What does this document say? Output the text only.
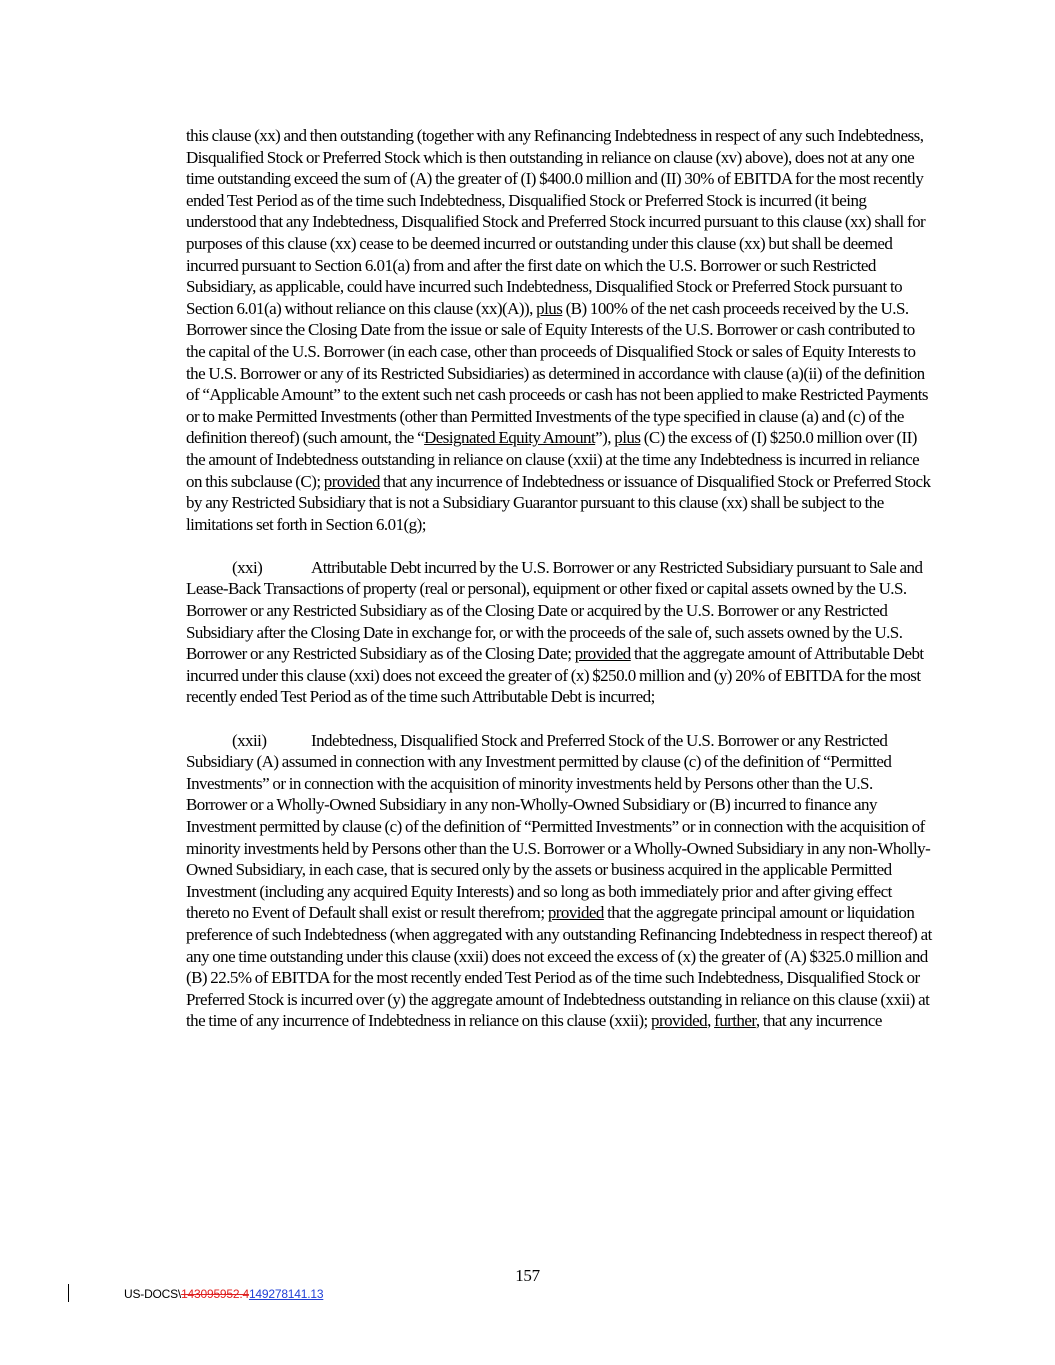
this clause (xx) and then outstanding (together with any Refinancing Indebtedness in respect of any such Indebtedness, Disqualified Stock or Preferred Stock which is then outstanding in reliance on clause (xv) above), does not at any one time outstanding exceed the sum of (A) the greater of (I) $400.0 million and (II) 30% of EBITDA for the most recently ended Test Period as of the time such Indebtedness, Disqualified Stock or Preferred Stock is incurred (it being understood that any Indebtedness, Disqualified Stock and Preferred Stock incurred pursuant to this clause (xx) shall for purposes of this clause (xx) cease to be deemed incurred or outstanding under this clause (xx) but shall be deemed incurred pursuant to Section 6.01(a) from and after the first date on which the U.S. Borrower or such Restricted Subsidiary, as applicable, could have incurred such Indebtedness, Disqualified Stock or Preferred Stock pursuant to Section 6.01(a) without reliance on this clause (xx)(A)), plus (B) 100% of the net cash proceeds received by the U.S. Borrower since the Closing Date from the issue or sale of Equity Interests of the U.S. Borrower or cash contributed to the capital of the U.S. Borrower (in each case, other than proceeds of Disqualified Stock or sales of Equity Interests to the U.S. Borrower or any of its Restricted Subsidiaries) as determined in accordance with clause (a)(ii) of the definition of “Applicable Amount” to the extent such net cash proceeds or cash has not been applied to make Restricted Payments or to make Permitted Investments (other than Permitted Investments of the type specified in clause (a) and (c) of the definition thereof) (such amount, the “Designated Equity Amount”), plus (C) the excess of (I) $250.0 million over (II) the amount of Indebtedness outstanding in reliance on clause (xxii) at the time any Indebtedness is incurred in reliance on this subclause (C); provided that any incurrence of Indebtedness or issuance of Disqualified Stock or Preferred Stock by any Restricted Subsidiary that is not a Subsidiary Guarantor pursuant to this clause (xx) shall be subject to the limitations set forth in Section 6.01(g);

(xxi)	Attributable Debt incurred by the U.S. Borrower or any Restricted Subsidiary pursuant to Sale and Lease-Back Transactions of property (real or personal), equipment or other fixed or capital assets owned by the U.S. Borrower or any Restricted Subsidiary as of the Closing Date or acquired by the U.S. Borrower or any Restricted Subsidiary after the Closing Date in exchange for, or with the proceeds of the sale of, such assets owned by the U.S. Borrower or any Restricted Subsidiary as of the Closing Date; provided that the aggregate amount of Attributable Debt incurred under this clause (xxi) does not exceed the greater of (x) $250.0 million and (y) 20% of EBITDA for the most recently ended Test Period as of the time such Attributable Debt is incurred;

(xxii)	Indebtedness, Disqualified Stock and Preferred Stock of the U.S. Borrower or any Restricted Subsidiary (A) assumed in connection with any Investment permitted by clause (c) of the definition of “Permitted Investments” or in connection with the acquisition of minority investments held by Persons other than the U.S. Borrower or a Wholly-Owned Subsidiary in any non-Wholly-Owned Subsidiary or (B) incurred to finance any Investment permitted by clause (c) of the definition of “Permitted Investments” or in connection with the acquisition of minority investments held by Persons other than the U.S. Borrower or a Wholly-Owned Subsidiary in any non-Wholly-Owned Subsidiary, in each case, that is secured only by the assets or business acquired in the applicable Permitted Investment (including any acquired Equity Interests) and so long as both immediately prior and after giving effect thereto no Event of Default shall exist or result therefrom; provided that the aggregate principal amount or liquidation preference of such Indebtedness (when aggregated with any outstanding Refinancing Indebtedness in respect thereof) at any one time outstanding under this clause (xxii) does not exceed the excess of (x) the greater of (A) $325.0 million and (B) 22.5% of EBITDA for the most recently ended Test Period as of the time such Indebtedness, Disqualified Stock or Preferred Stock is incurred over (y) the aggregate amount of Indebtedness outstanding in reliance on this clause (xxii) at the time of any incurrence of Indebtedness in reliance on this clause (xxii); provided, further, that any incurrence

157
US-DOCS\143095952.4149278141.13
